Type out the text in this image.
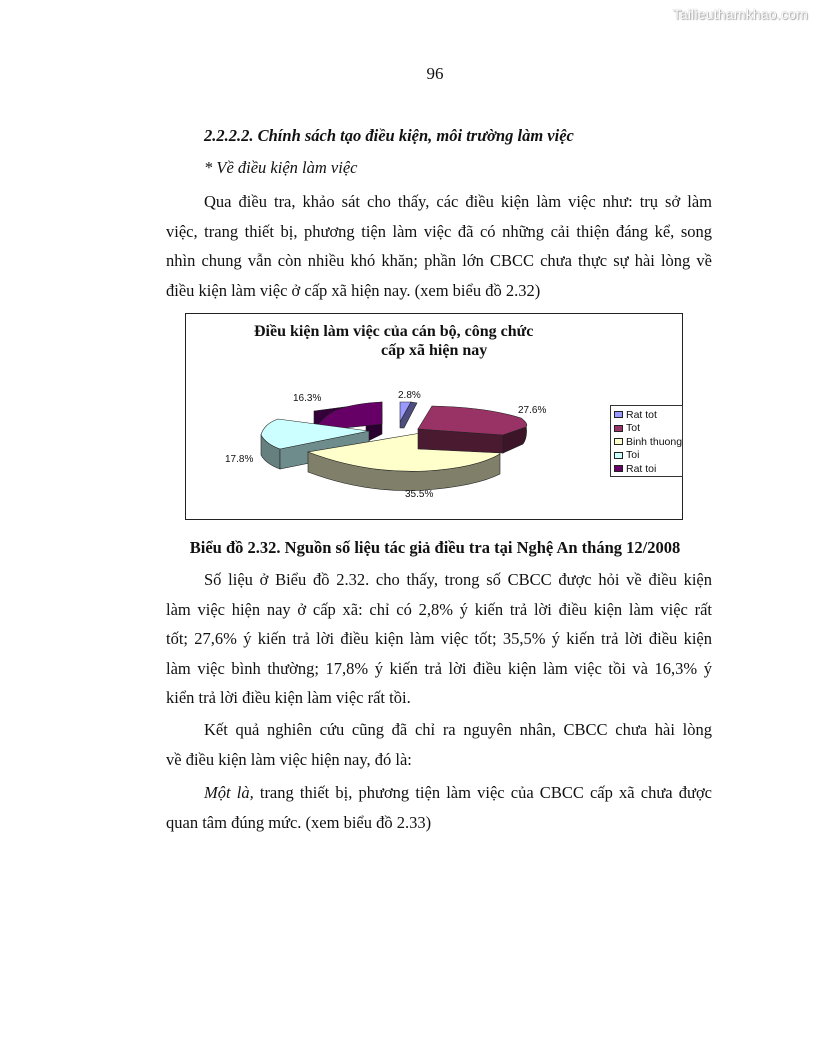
Tailieuthamkhao.com
96
2.2.2.2. Chính sách tạo điều kiện, môi trường làm việc
* Về điều kiện làm việc
Qua điều tra, khảo sát cho thấy, các điều kiện làm việc như: trụ sở làm
việc, trang thiết bị, phương tiện làm việc đã có những cải thiện đáng kể, song
nhìn chung vẫn còn nhiều khó khăn; phần lớn CBCC chưa thực sự hài lòng về
điều kiện làm việc ở cấp xã hiện nay. (xem biểu đồ 2.32)
Điều kiện làm việc của cán bộ, công chức
cấp xã hiện nay
16.3%	2.8%
27.6%
17.8%
35.5%
Rat tot
Tot
Binh thuong
Toi
Rat toi
Biểu đồ 2.32. Nguồn số liệu tác giả điều tra tại Nghệ An tháng 12/2008
Số liệu ở Biểu đồ 2.32. cho thấy, trong số CBCC được hỏi về điều kiện
làm việc hiện nay ở cấp xã: chỉ có 2,8% ý kiến trả lời điều kiện làm việc rất
tốt; 27,6% ý kiến trả lời điều kiện làm việc tốt; 35,5% ý kiến trả lời điều kiện
làm việc bình thường; 17,8% ý kiến trả lời điều kiện làm việc tồi và 16,3% ý
kiển trả lời điều kiện làm việc rất tồi.
Kết quả nghiên cứu cũng đã chỉ ra nguyên nhân, CBCC chưa hài lòng
về điều kiện làm việc hiện nay, đó là:
Một là, trang thiết bị, phương tiện làm việc của CBCC cấp xã chưa được
quan tâm đúng mức. (xem biểu đồ 2.33)
